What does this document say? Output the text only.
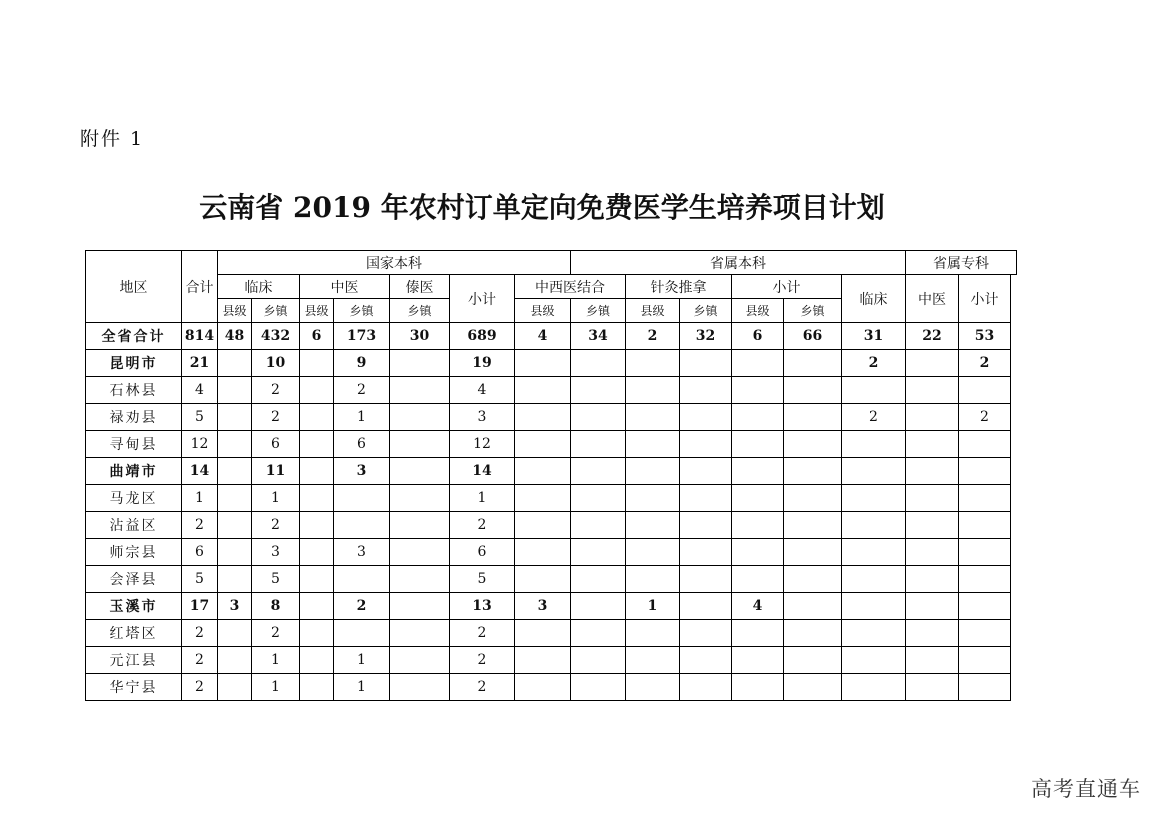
附件 1
云南省 2019 年农村订单定向免费医学生培养项目计划
地区	合计	国家本科							省属本科						省属专科	
		临床		中医		傣医	小计	中西医结合		针灸推拿		小计		临床	中医	小计
		县级	乡镇	县级	乡镇	乡镇		县级	乡镇	县级	乡镇	县级	乡镇			
全省合计	814	48	432	6	173	30	689	4	34	2	32	6	66	31	22	53
昆明市	21		10		9		19							2		2
石林县	4		2		2		4									
禄劝县	5		2		1		3							2		2
寻甸县	12		6		6		12									
曲靖市	14		11		3		14									
马龙区	1		1				1									
沾益区	2		2				2									
师宗县	6		3		3		6									
会泽县	5		5				5									
玉溪市	17	3	8		2		13	3		1		4				
红塔区	2		2				2									
元江县	2		1		1		2									
华宁县	2		1		1		2									
高考直通车
